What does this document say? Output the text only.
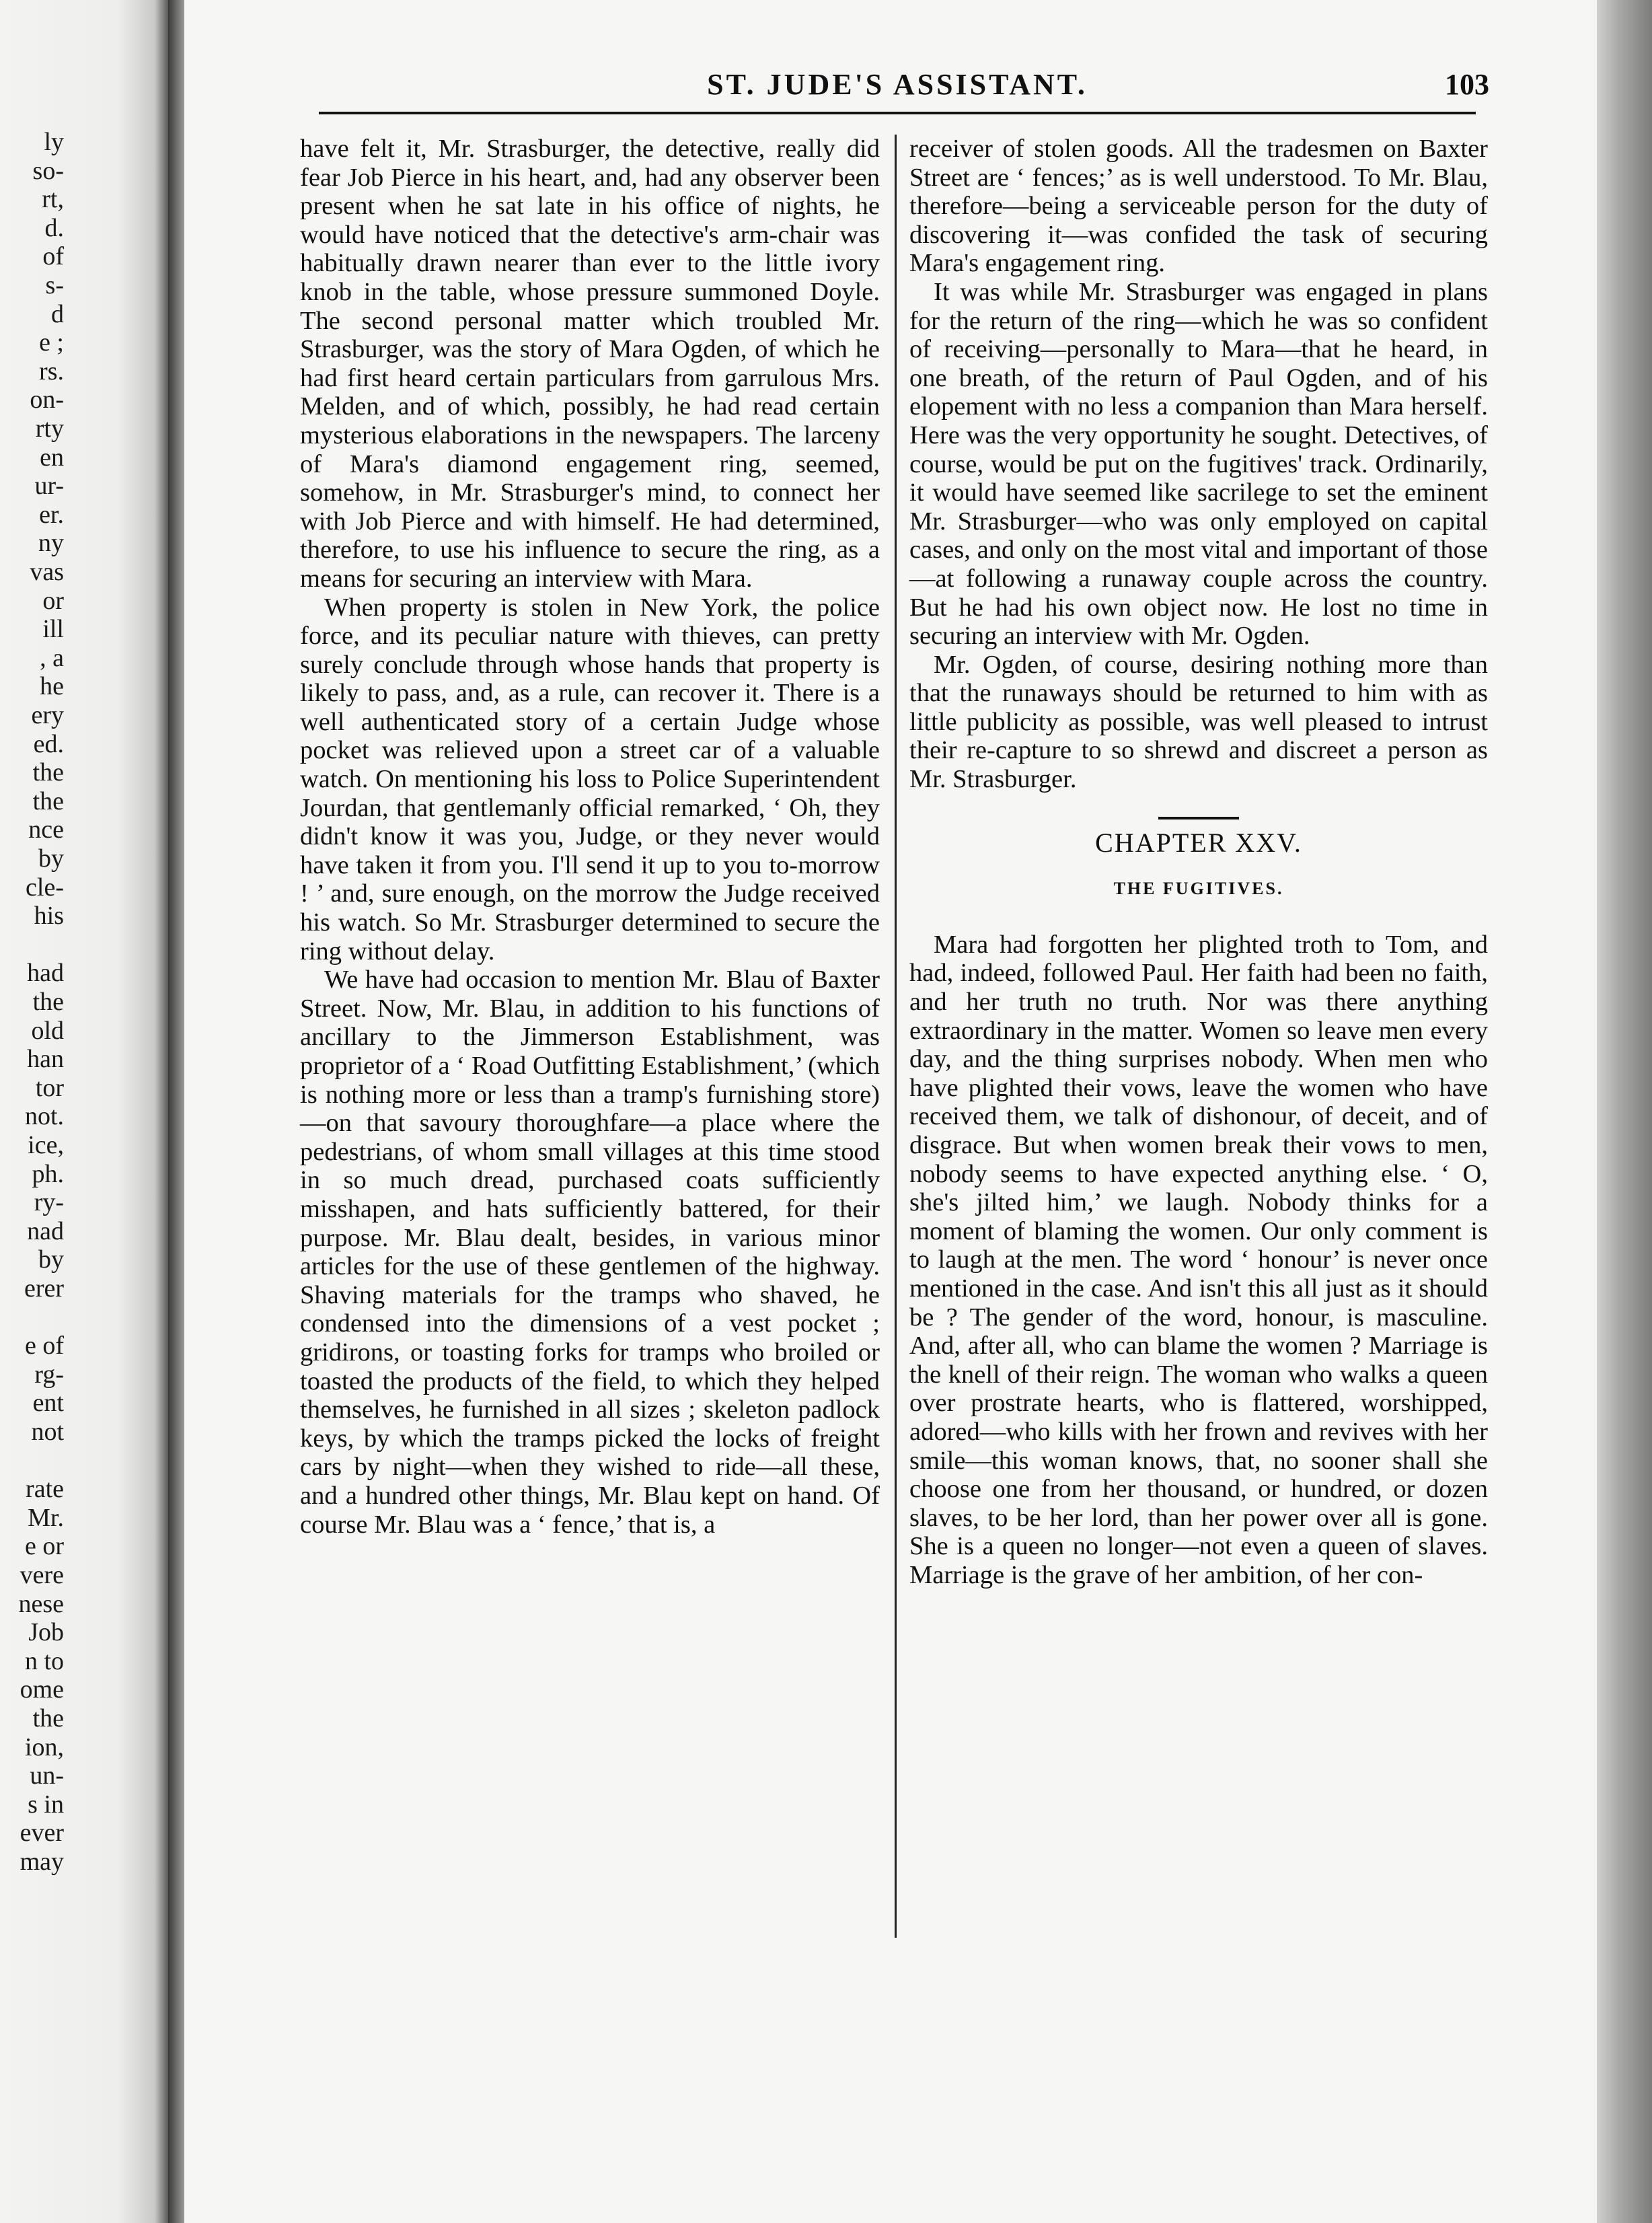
ly
so-
rt,
d.
of
s-
d
e ;
rs.
on-
rty
en
ur-
er.
ny
vas
or
ill
, a
he
ery
ed.
the
the
nce
by
cle-
his
had
the
old
han
tor
not.
ice,
ph.
ry-
nad
by
erer
e of
rg-
ent
not
rate
Mr.
e or
vere
nese
Job
n to
ome
the
ion,
un-
s in
ever
may
ST. JUDE'S ASSISTANT.	103

have felt it, Mr. Strasburger, the detective, really did fear Job Pierce in his heart, and, had any observer been present when he sat late in his office of nights, he would have noticed that the detective's arm-chair was habitually drawn nearer than ever to the little ivory knob in the table, whose pressure summoned Doyle. The second personal matter which troubled Mr. Strasburger, was the story of Mara Ogden, of which he had first heard certain particulars from garrulous Mrs. Melden, and of which, possibly, he had read certain mysterious elaborations in the newspapers. The larceny of Mara's diamond engagement ring, seemed, somehow, in Mr. Strasburger's mind, to connect her with Job Pierce and with himself. He had determined, therefore, to use his influence to secure the ring, as a means for securing an interview with Mara.

When property is stolen in New York, the police force, and its peculiar nature with thieves, can pretty surely conclude through whose hands that property is likely to pass, and, as a rule, can recover it. There is a well authenticated story of a certain Judge whose pocket was relieved upon a street car of a valuable watch. On mentioning his loss to Police Superintendent Jourdan, that gentlemanly official remarked, ‘ Oh, they didn't know it was you, Judge, or they never would have taken it from you. I'll send it up to you to-morrow ! ’ and, sure enough, on the morrow the Judge received his watch. So Mr. Strasburger determined to secure the ring without delay.

We have had occasion to mention Mr. Blau of Baxter Street. Now, Mr. Blau, in addition to his functions of ancillary to the Jimmerson Establishment, was proprietor of a ‘ Road Outfitting Establishment,’ (which is nothing more or less than a tramp's furnishing store)—on that savoury thoroughfare—a place where the pedestrians, of whom small villages at this time stood in so much dread, purchased coats sufficiently misshapen, and hats sufficiently battered, for their purpose. Mr. Blau dealt, besides, in various minor articles for the use of these gentlemen of the highway. Shaving materials for the tramps who shaved, he condensed into the dimensions of a vest pocket ; gridirons, or toasting forks for tramps who broiled or toasted the products of the field, to which they helped themselves, he furnished in all sizes ; skeleton padlock keys, by which the tramps picked the locks of freight cars by night—when they wished to ride—all these, and a hundred other things, Mr. Blau kept on hand. Of course Mr. Blau was a ‘ fence,’ that is, a

receiver of stolen goods. All the tradesmen on Baxter Street are ‘ fences;’ as is well understood. To Mr. Blau, therefore—being a serviceable person for the duty of discovering it—was confided the task of securing Mara's engagement ring.

It was while Mr. Strasburger was engaged in plans for the return of the ring—which he was so confident of receiving—personally to Mara—that he heard, in one breath, of the return of Paul Ogden, and of his elopement with no less a companion than Mara herself. Here was the very opportunity he sought. Detectives, of course, would be put on the fugitives' track. Ordinarily, it would have seemed like sacrilege to set the eminent Mr. Strasburger—who was only employed on capital cases, and only on the most vital and important of those—at following a runaway couple across the country. But he had his own object now. He lost no time in securing an interview with Mr. Ogden.

Mr. Ogden, of course, desiring nothing more than that the runaways should be returned to him with as little publicity as possible, was well pleased to intrust their re-capture to so shrewd and discreet a person as Mr. Strasburger.

CHAPTER XXV.
THE FUGITIVES.

Mara had forgotten her plighted troth to Tom, and had, indeed, followed Paul. Her faith had been no faith, and her truth no truth. Nor was there anything extraordinary in the matter. Women so leave men every day, and the thing surprises nobody. When men who have plighted their vows, leave the women who have received them, we talk of dishonour, of deceit, and of disgrace. But when women break their vows to men, nobody seems to have expected anything else. ‘ O, she's jilted him,’ we laugh. Nobody thinks for a moment of blaming the women. Our only comment is to laugh at the men. The word ‘ honour’ is never once mentioned in the case. And isn't this all just as it should be ? The gender of the word, honour, is masculine. And, after all, who can blame the women ? Marriage is the knell of their reign. The woman who walks a queen over prostrate hearts, who is flattered, worshipped, adored—who kills with her frown and revives with her smile—this woman knows, that, no sooner shall she choose one from her thousand, or hundred, or dozen slaves, to be her lord, than her power over all is gone. She is a queen no longer—not even a queen of slaves. Marriage is the grave of her ambition, of her con-
